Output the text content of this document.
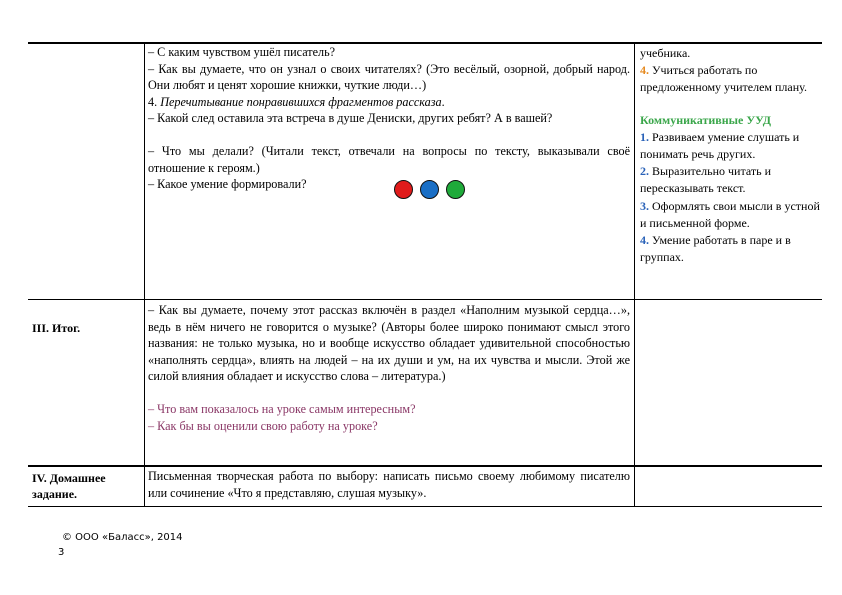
– С каким чувством ушёл писатель?

– Как вы думаете, что он узнал о своих читателях? (Это весёлый, озорной, добрый народ. Они любят и ценят хорошие книжки, чуткие люди…)

4. Перечитывание понравившихся фрагментов рассказа.

– Какой след оставила эта встреча в душе Дениски, других ребят? А в вашей?

– Что мы делали? (Читали текст, отвечали на вопросы по тексту, выказывали своё отношение к героям.)

– Какое умение формировали?

учебника.

4. Учиться работать по предложенному учителем плану.

Коммуникативные УУД

1. Развиваем умение слушать и понимать речь других.

2. Выразительно читать и пересказывать текст.

3. Оформлять свои мысли в устной и письменной форме.

4. Умение работать в паре и в группах.

III. Итог.

– Как вы думаете, почему этот рассказ включён в раздел «Наполним музыкой сердца…», ведь в нём ничего не говорится о музыке? (Авторы более широко понимают смысл этого названия: не только музыка, но и вообще искусство обладает удивительной способностью «наполнять сердца», влиять на людей – на их души и ум, на их чувства и мысли. Этой же силой влияния обладает и искусство слова – литература.)

– Что вам показалось на уроке самым интересным?

– Как бы вы оценили свою работу на уроке?

IV. Домашнее задание.

Письменная творческая работа по выбору: написать письмо своему любимому писателю или сочинение «Что я представляю, слушая музыку».

© ООО «Баласс», 2014
3
